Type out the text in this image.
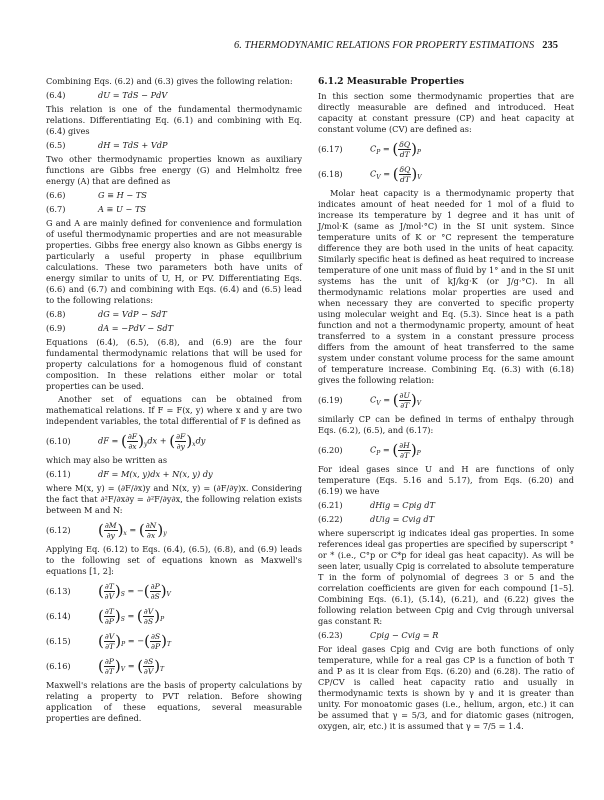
6. THERMODYNAMIC RELATIONS FOR PROPERTY ESTIMATIONS 235

Combining Eqs. (6.2) and (6.3) gives the following relation:

(6.4)	dU = TdS − PdV

This relation is one of the fundamental thermodynamic relations. Differentiating Eq. (6.1) and combining with Eq. (6.4) gives

(6.5)	dH = TdS + VdP

Two other thermodynamic properties known as auxiliary functions are Gibbs free energy (G) and Helmholtz free energy (A) that are defined as

(6.6)	G ≡ H − TS
(6.7)	A ≡ U − TS

G and A are mainly defined for convenience and formulation of useful thermodynamic properties and are not measurable properties. Gibbs free energy also known as Gibbs energy is particularly a useful property in phase equilibrium calculations. These two parameters both have units of energy similar to units of U, H, or PV. Differentiating Eqs. (6.6) and (6.7) and combining with Eqs. (6.4) and (6.5) lead to the following relations:

(6.8)	dG = VdP − SdT
(6.9)	dA = −PdV − SdT

Equations (6.4), (6.5), (6.8), and (6.9) are the four fundamental thermodynamic relations that will be used for property calculations for a homogenous fluid of constant composition. In these relations either molar or total properties can be used.

Another set of equations can be obtained from mathematical relations. If F = F(x, y) where x and y are two independent variables, the total differential of F is defined as

(6.10)	dF = ( $\frac{\partial F}{\partial x} )_ydx$ + ( $\frac{\partial F}{\partial y} )_xdy$

which may also be written as

(6.11)	dF = M(x, y)dx + N(x, y) dy

where M(x, y) = (∂F/∂x)y and N(x, y) = (∂F/∂y)x. Considering the fact that ∂²F/∂x∂y = ∂²F/∂y∂x, the following relation exists between M and N:

(6.12)	( $\frac{\partial M}{\partial y} )_x$ = ( $\frac{\partial N}{\partial x} )_y$

Applying Eq. (6.12) to Eqs. (6.4), (6.5), (6.8), and (6.9) leads to the following set of equations known as Maxwell's equations [1, 2]:

(6.13)	( $\frac{\partial T}{\partial V} )_S$ = −( $\frac{\partial P}{\partial S} )_V$
(6.14)	( $\frac{\partial T}{\partial P} )_S$ = ( $\frac{\partial V}{\partial S} )_P$
(6.15)	( $\frac{\partial V}{\partial T} )_P$ = −( $\frac{\partial S}{\partial P} )_T$
(6.16)	( $\frac{\partial P}{\partial T} )_V$ = ( $\frac{\partial S}{\partial V} )_T$

Maxwell's relations are the basis of property calculations by relating a property to PVT relation. Before showing application of these equations, several measurable properties are defined.

6.1.2 Measurable Properties

In this section some thermodynamic properties that are directly measurable are defined and introduced. Heat capacity at constant pressure (CP) and heat capacity at constant volume (CV) are defined as:

(6.17)	$C_P$ = ( $\frac{\delta Q}{dT} )_P$
(6.18)	$C_V$ = ( $\frac{\delta Q}{dT} )_V$

Molar heat capacity is a thermodynamic property that indicates amount of heat needed for 1 mol of a fluid to increase its temperature by 1 degree and it has unit of J/mol·K (same as J/mol·°C) in the SI unit system. Since temperature units of K or °C represent the temperature difference they are both used in the units of heat capacity. Similarly specific heat is defined as heat required to increase temperature of one unit mass of fluid by 1° and in the SI unit systems has the unit of kJ/kg·K (or J/g·°C). In all thermodynamic relations molar properties are used and when necessary they are converted to specific property using molecular weight and Eq. (5.3). Since heat is a path function and not a thermodynamic property, amount of heat transferred to a system in a constant pressure process differs from the amount of heat transferred to the same system under constant volume process for the same amount of temperature increase. Combining Eq. (6.3) with (6.18) gives the following relation:

(6.19)	$C_V$ = ( $\frac{\partial U}{\partial T} )_V$

similarly CP can be defined in terms of enthalpy through Eqs. (6.2), (6.5), and (6.17):

(6.20)	$C_P$ = ( $\frac{\partial H}{\partial T} )_P$

For ideal gases since U and H are functions of only temperature (Eqs. 5.16 and 5.17), from Eqs. (6.20) and (6.19) we have

(6.21)	dHig = Cpig dT
(6.22)	dUig = Cvig dT

where superscript ig indicates ideal gas properties. In some references ideal gas properties are specified by superscript ° or * (i.e., C°p or C*p for ideal gas heat capacity). As will be seen later, usually Cpig is correlated to absolute temperature T in the form of polynomial of degrees 3 or 5 and the correlation coefficients are given for each compound [1–5]. Combining Eqs. (6.1), (5.14), (6.21), and (6.22) gives the following relation between Cpig and Cvig through universal gas constant R:

(6.23)	Cpig − Cvig = R

For ideal gases Cpig and Cvig are both functions of only temperature, while for a real gas CP is a function of both T and P as it is clear from Eqs. (6.20) and (6.28). The ratio of CP/CV is called heat capacity ratio and usually in thermodynamic texts is shown by γ and it is greater than unity. For monoatomic gases (i.e., helium, argon, etc.) it can be assumed that γ = 5/3, and for diatomic gases (nitrogen, oxygen, air, etc.) it is assumed that γ = 7/5 = 1.4.
